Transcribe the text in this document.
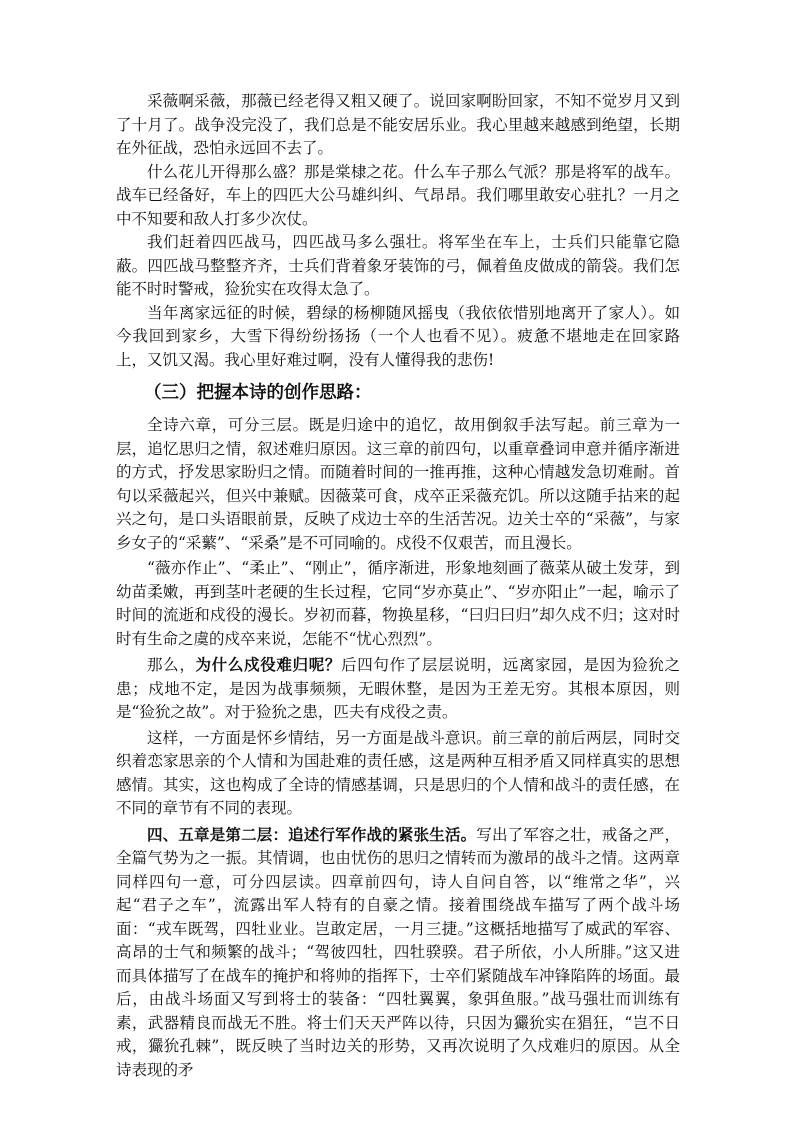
采薇啊采薇，那薇已经老得又粗又硬了。说回家啊盼回家，不知不觉岁月又到了十月了。战争没完没了，我们总是不能安居乐业。我心里越来越感到绝望，长期在外征战，恐怕永远回不去了。

什么花儿开得那么盛？那是棠棣之花。什么车子那么气派？那是将军的战车。战车已经备好，车上的四匹大公马雄纠纠、气昂昂。我们哪里敢安心驻扎？一月之中不知要和敌人打多少次仗。

我们赶着四匹战马，四匹战马多么强壮。将军坐在车上，士兵们只能靠它隐蔽。四匹战马整整齐齐，士兵们背着象牙装饰的弓，佩着鱼皮做成的箭袋。我们怎能不时时警戒，猃狁实在攻得太急了。

当年离家远征的时候，碧绿的杨柳随风摇曳（我依依惜别地离开了家人）。如今我回到家乡，大雪下得纷纷扬扬（一个人也看不见）。疲惫不堪地走在回家路上，又饥又渴。我心里好难过啊，没有人懂得我的悲伤!

（三）把握本诗的创作思路：

全诗六章，可分三层。既是归途中的追忆，故用倒叙手法写起。前三章为一层，追忆思归之情，叙述难归原因。这三章的前四句，以重章叠词申意并循序渐进的方式，抒发思家盼归之情。而随着时间的一推再推，这种心情越发急切难耐。首句以采薇起兴，但兴中兼赋。因薇菜可食，戍卒正采薇充饥。所以这随手拈来的起兴之句，是口头语眼前景，反映了戍边士卒的生活苦况。边关士卒的“采薇”，与家乡女子的“采蘩”、“采桑”是不可同喻的。戍役不仅艰苦，而且漫长。

“薇亦作止”、“柔止”、“刚止”，循序渐进，形象地刻画了薇菜从破土发芽，到幼苗柔嫩，再到茎叶老硬的生长过程，它同“岁亦莫止”、“岁亦阳止”一起，喻示了时间的流逝和戍役的漫长。岁初而暮，物换星移，“曰归曰归”却久戍不归；这对时时有生命之虞的戍卒来说，怎能不“忧心烈烈”。

那么，为什么戍役难归呢？后四句作了层层说明，远离家园，是因为猃狁之患；戍地不定，是因为战事频频，无暇休整，是因为王差无穷。其根本原因，则是“猃狁之故”。对于猃狁之患，匹夫有戍役之责。

这样，一方面是怀乡情结，另一方面是战斗意识。前三章的前后两层，同时交织着恋家思亲的个人情和为国赴难的责任感，这是两种互相矛盾又同样真实的思想感情。其实，这也构成了全诗的情感基调，只是思归的个人情和战斗的责任感，在不同的章节有不同的表现。

四、五章是第二层：追述行军作战的紧张生活。写出了军容之壮，戒备之严，全篇气势为之一振。其情调，也由忧伤的思归之情转而为激昂的战斗之情。这两章同样四句一意，可分四层读。四章前四句，诗人自问自答，以“维常之华”，兴起“君子之车”，流露出军人特有的自豪之情。接着围绕战车描写了两个战斗场面：“戎车既驾，四牡业业。岂敢定居，一月三捷。”这概括地描写了威武的军容、高昂的士气和频繁的战斗；“驾彼四牡，四牡骙骙。君子所依，小人所腓。”这又进而具体描写了在战车的掩护和将帅的指挥下，士卒们紧随战车冲锋陷阵的场面。最后，由战斗场面又写到将士的装备：“四牡翼翼，象弭鱼服。”战马强壮而训练有素，武器精良而战无不胜。将士们天天严阵以待，只因为玁狁实在猖狂，“岂不日戒，玁狁孔棘”，既反映了当时边关的形势，又再次说明了久戍难归的原因。从全诗表现的矛
